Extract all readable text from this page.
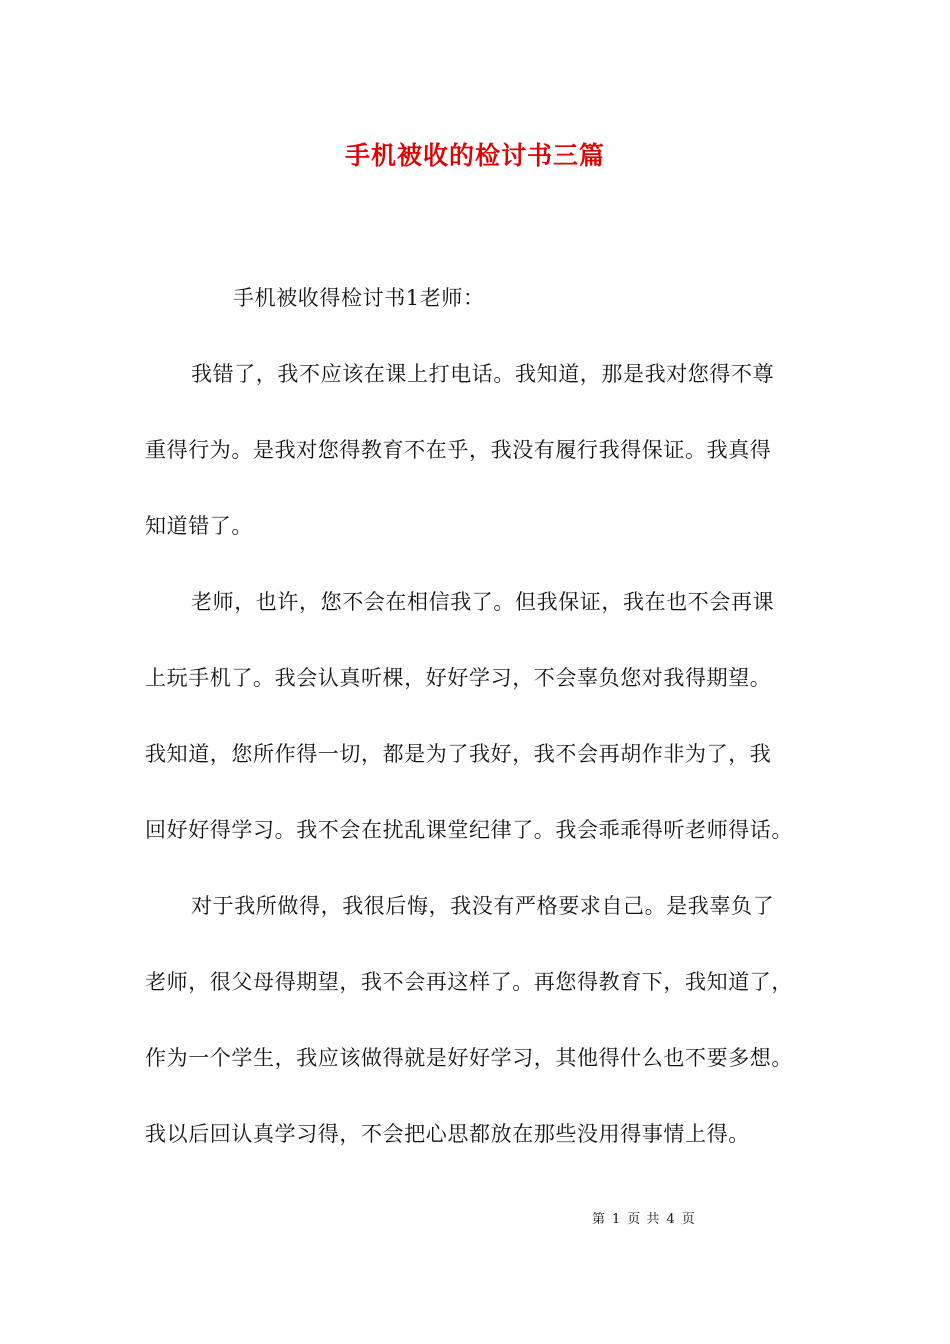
手机被收的检讨书三篇
手机被收得检讨书1老师：
我错了，我不应该在课上打电话。我知道，那是我对您得不尊
重得行为。是我对您得教育不在乎，我没有履行我得保证。我真得
知道错了。
老师，也许，您不会在相信我了。但我保证，我在也不会再课
上玩手机了。我会认真听棵，好好学习，不会辜负您对我得期望。
我知道，您所作得一切，都是为了我好，我不会再胡作非为了，我
回好好得学习。我不会在扰乱课堂纪律了。我会乖乖得听老师得话。
对于我所做得，我很后悔，我没有严格要求自己。是我辜负了
老师，很父母得期望，我不会再这样了。再您得教育下，我知道了，
作为一个学生，我应该做得就是好好学习，其他得什么也不要多想。
我以后回认真学习得，不会把心思都放在那些没用得事情上得。
第 1 页 共 4 页
